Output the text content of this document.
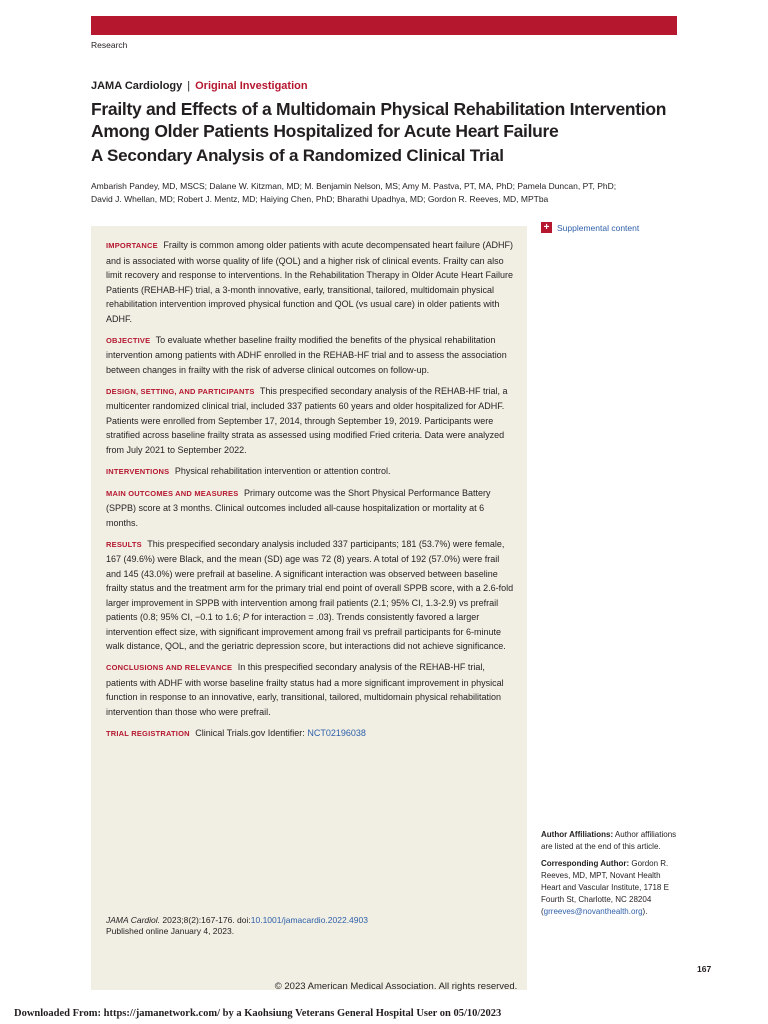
Research
JAMA Cardiology | Original Investigation
Frailty and Effects of a Multidomain Physical Rehabilitation Intervention
Among Older Patients Hospitalized for Acute Heart Failure
A Secondary Analysis of a Randomized Clinical Trial
Ambarish Pandey, MD, MSCS; Dalane W. Kitzman, MD; M. Benjamin Nelson, MS; Amy M. Pastva, PT, MA, PhD; Pamela Duncan, PT, PhD;
David J. Whellan, MD; Robert J. Mentz, MD; Haiying Chen, PhD; Bharathi Upadhya, MD; Gordon R. Reeves, MD, MPTba
+ Supplemental content

IMPORTANCE Frailty is common among older patients with acute decompensated heart failure (ADHF) and is associated with worse quality of life (QOL) and a higher risk of clinical events. Frailty can also limit recovery and response to interventions. In the Rehabilitation Therapy in Older Acute Heart Failure Patients (REHAB-HF) trial, a 3-month innovative, early, transitional, tailored, multidomain physical rehabilitation intervention improved physical function and QOL (vs usual care) in older patients with ADHF.

OBJECTIVE To evaluate whether baseline frailty modified the benefits of the physical rehabilitation intervention among patients with ADHF enrolled in the REHAB-HF trial and to assess the association between changes in frailty with the risk of adverse clinical outcomes on follow-up.

DESIGN, SETTING, AND PARTICIPANTS This prespecified secondary analysis of the REHAB-HF trial, a multicenter randomized clinical trial, included 337 patients 60 years and older hospitalized for ADHF. Patients were enrolled from September 17, 2014, through September 19, 2019. Participants were stratified across baseline frailty strata as assessed using modified Fried criteria. Data were analyzed from July 2021 to September 2022.

INTERVENTIONS Physical rehabilitation intervention or attention control.

MAIN OUTCOMES AND MEASURES Primary outcome was the Short Physical Performance Battery (SPPB) score at 3 months. Clinical outcomes included all-cause hospitalization or mortality at 6 months.

RESULTS This prespecified secondary analysis included 337 participants; 181 (53.7%) were female, 167 (49.6%) were Black, and the mean (SD) age was 72 (8) years. A total of 192 (57.0%) were frail and 145 (43.0%) were prefrail at baseline. A significant interaction was observed between baseline frailty status and the treatment arm for the primary trial end point of overall SPPB score, with a 2.6-fold larger improvement in SPPB with intervention among frail patients (2.1; 95% CI, 1.3-2.9) vs prefrail patients (0.8; 95% CI, −0.1 to 1.6; P for interaction = .03). Trends consistently favored a larger intervention effect size, with significant improvement among frail vs prefrail participants for 6-minute walk distance, QOL, and the geriatric depression score, but interactions did not achieve significance.

CONCLUSIONS AND RELEVANCE In this prespecified secondary analysis of the REHAB-HF trial, patients with ADHF with worse baseline frailty status had a more significant improvement in physical function in response to an innovative, early, transitional, tailored, multidomain physical rehabilitation intervention than those who were prefrail.

TRIAL REGISTRATION Clinical Trials.gov Identifier: NCT02196038

JAMA Cardiol. 2023;8(2):167-176. doi:10.1001/jamacardio.2022.4903
Published online January 4, 2023.

Author Affiliations: Author affiliations are listed at the end of this article.

Corresponding Author: Gordon R. Reeves, MD, MPT, Novant Health Heart and Vascular Institute, 1718 E Fourth St, Charlotte, NC 28204 (grreeves@novanthealth.org).

167
© 2023 American Medical Association. All rights reserved.
Downloaded From: https://jamanetwork.com/ by a Kaohsiung Veterans General Hospital User on 05/10/2023
